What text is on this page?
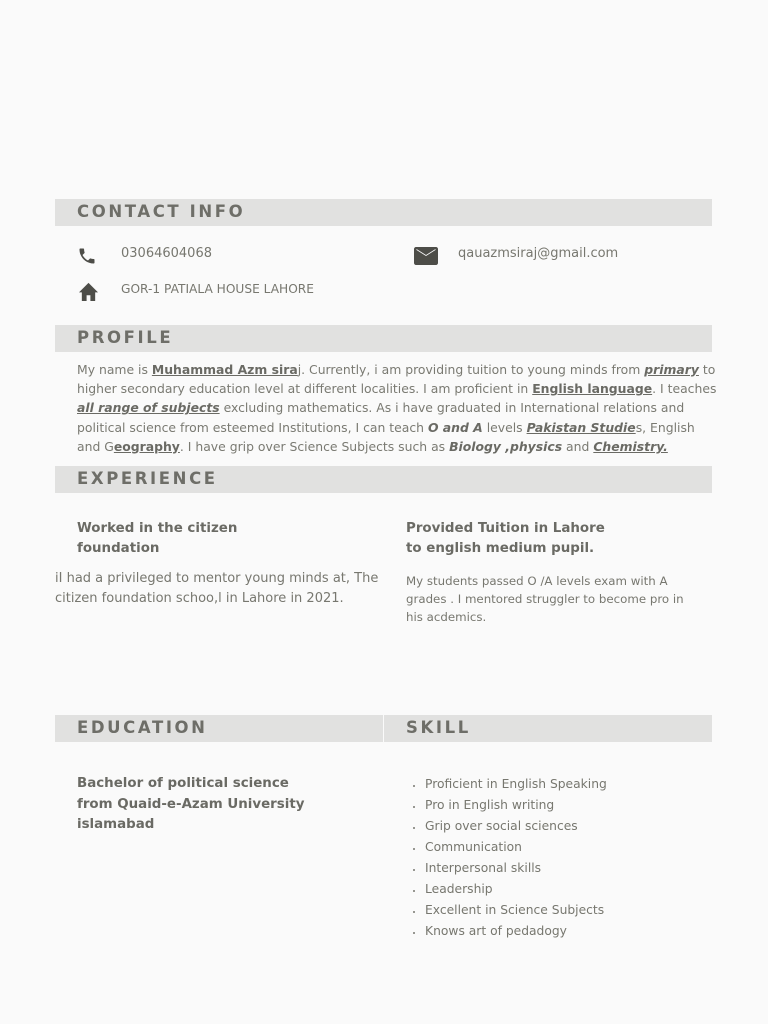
CONTACT INFO
03064604068	qauazmsiraj@gmail.com
GOR-1 PATIALA HOUSE LAHORE
PROFILE
My name is Muhammad Azm siraj. Currently, i am providing tuition to young minds from primary to higher secondary education level at different localities. I am proficient in English language. I teaches all range of subjects excluding mathematics. As i have graduated in International relations and political science from esteemed Institutions, I can teach O and A levels Pakistan Studies, English and Geography. I have grip over Science Subjects such as Biology ,physics and Chemistry.
EXPERIENCE
Worked in the citizen foundation
iI had a privileged to mentor young minds at, The citizen foundation schoo,l in Lahore in 2021.
Provided Tuition in Lahore to english medium pupil.
My students passed O /A levels exam with A grades . I mentored struggler to become pro in his acdemics.
EDUCATION	SKILL
Bachelor of political science from Quaid-e-Azam University islamabad
• Proficient in English Speaking
• Pro in English writing
• Grip over social sciences
• Communication
• Interpersonal skills
• Leadership
• Excellent in Science Subjects
• Knows art of pedadogy
